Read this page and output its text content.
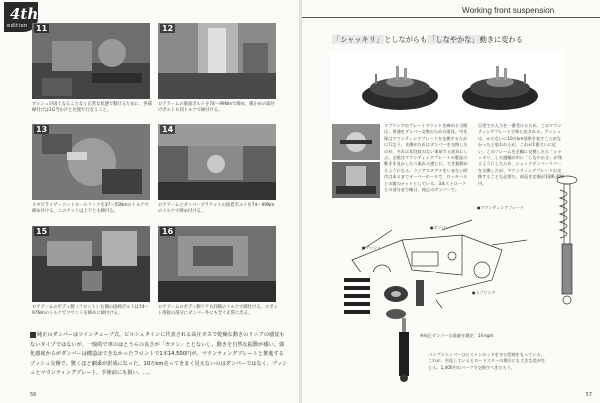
4th
edition 11
ブッシュが固くなることなく正常な状態で動けるために、各部締付けは1G当かけと位置で行なうこと。
12
ロアアームの裏面ボルトを74〜99Nmで締め、確かめの取付けボルトも同トルクで締付ける。
13
スタビライザーコントロールリンクを37〜55Nmのトルクで締め付ける。このナットは上下とも締付る。
14
ロアアームとダンパーブラケットの固着ボルトを74〜99Nmのトルクで締め付ける。
15
ロアアームのボディ側（フロント）右側の固締ボルトは74〜97Nmのトルクでマウントを締めに締付ける。
16
ロアアームのボディ側リアも同様のトルクで締付ける。スポット溶接の部分にダンパー外にも全く正常に出る。
純正のダンパーはツインチューブ式。ビルシュタインに代表される高圧ガスで乾燥な動きのリニアの感覚もないタイプではないが、一般的で車のはとうらの良さが「ガツン」ととないし、動きを自然な振動が感い。強化感度からがダンパーは構造はできなかったフロントで1本14,500円が。マウンティングプレートと推進するブッシュ交換で。驚くほど劇乗が訳成になった。10万km走ってきまく見えないのはダンパーではなく、ブッシュとマウンティングプレート。手術前にも扱い、…。
56
Working front suspension
「シャッキリ」としながらも「しなやかな」動きに変わる
スプリングのプレートマウントを締める当標は、普通をダンパー交換のための道具。中を保はマウンティングプレートを交換するために行なう。支撐がたれはダンパーを交換したのが、それは非回収のない事前する道具にしぶ。全般はマウンティングプレートの製品の動きを見かしたり流れた感じに、大き振動がるようになる。ラジアスロアドをいまない時代はあるまでオーバーホールで、ロッキハルとの縦のナットとしている。3本ストロークとの部分まで確は、純正のダンパーで。
目差での入力を一番受けるため、このマウンティングプレートで保と出される。ブッシュは、かたないに10万km効果を表すことがなかったと思われるが。これが1番大いに近い。このフレームを全幅に交換したら「シャッキリ」した感触の中に「しなやかさ」が残るようにしたため、ショックダンパーラバーを交換したが、マウンティングプレートの交換することも必要だ。部品を定価が1個6,400円。
●ダンパー
●スプリング
●マウンティングプレート
●ブッシュ
※純正ダンパーの重量を測定：14 kgm
バンプストッパーはピストンロッドを守る役割をもっている。これが、劣化しているとロードスターの場合にも大きな差が生じる。1,400円のパーツで交換すべきだろう。
57
